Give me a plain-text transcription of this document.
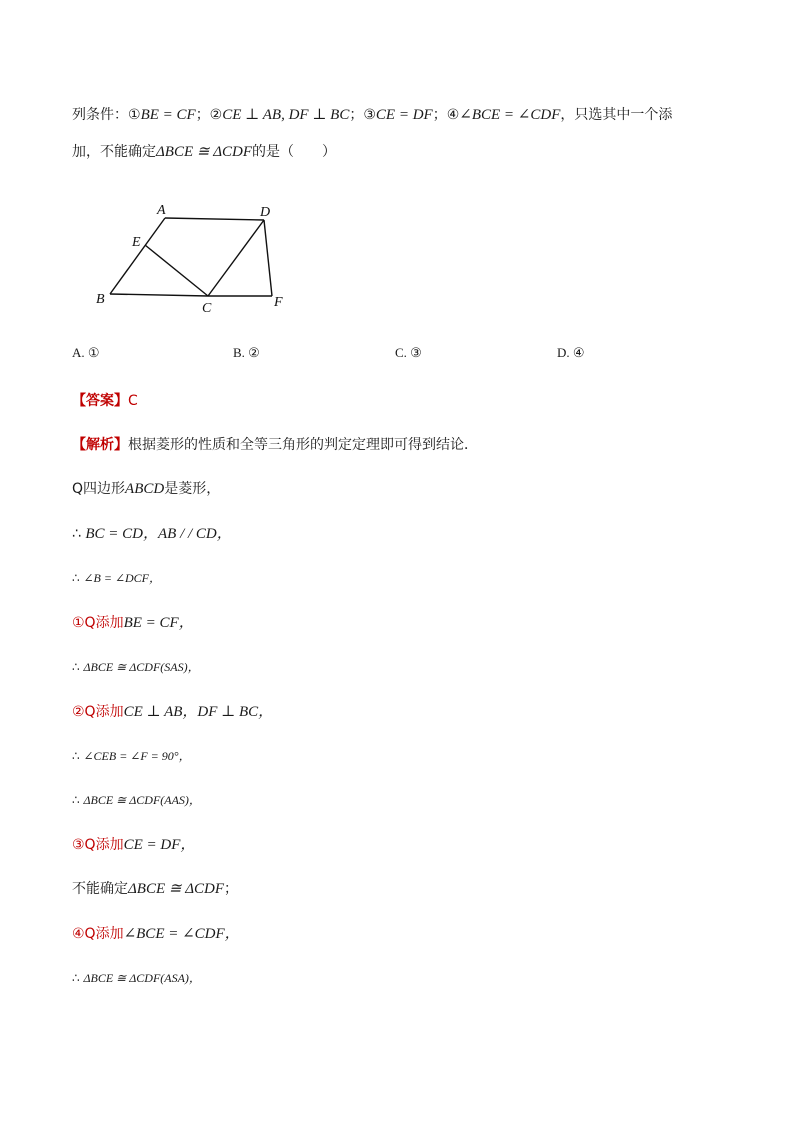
列条件：①BE = CF；②CE ⊥ AB, DF ⊥ BC；③CE = DF；④∠BCE = ∠CDF，只选其中一个添
加，不能确定ΔBCE ≅ ΔCDF的是（　　）
A	D
E
B
C	F
A. ①	B. ②	C. ③	D. ④
【答案】C
【解析】根据菱形的性质和全等三角形的判定定理即可得到结论．
Q四边形ABCD是菱形，
∴ BC = CD，AB / / CD，
∴ ∠B = ∠DCF，
①Q添加BE = CF，
∴ ΔBCE ≅ ΔCDF(SAS)，
②Q添加CE ⊥ AB，DF ⊥ BC，
∴ ∠CEB = ∠F = 90°，
∴ ΔBCE ≅ ΔCDF(AAS)，
③Q添加CE = DF，
不能确定ΔBCE ≅ ΔCDF；
④Q添加∠BCE = ∠CDF，
∴ ΔBCE ≅ ΔCDF(ASA)，
